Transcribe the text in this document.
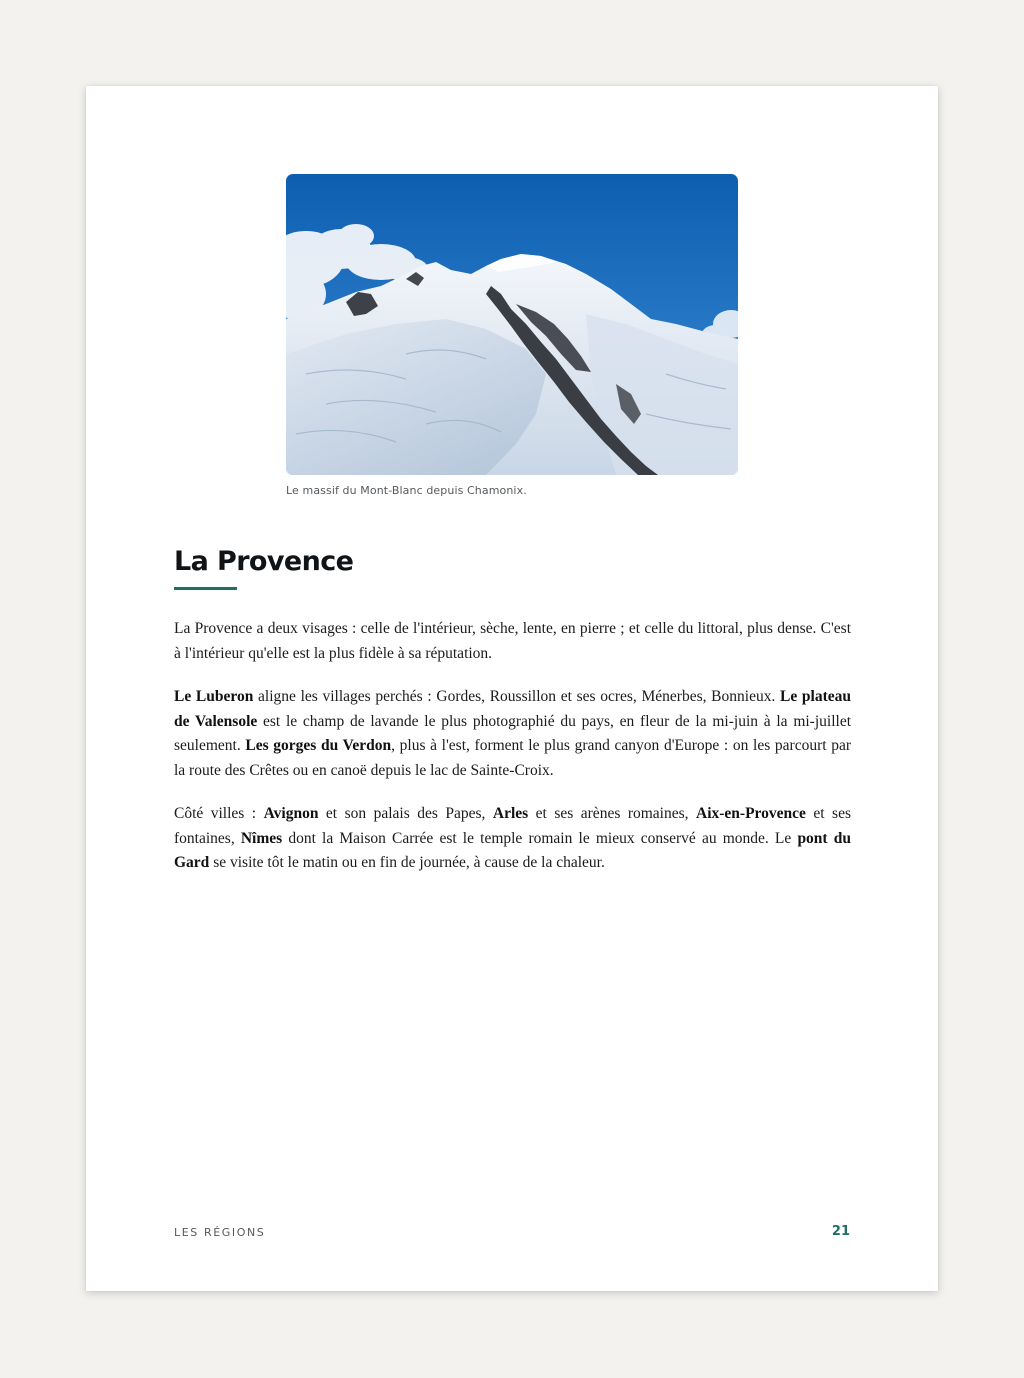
Le massif du Mont-Blanc depuis Chamonix.
La Provence

La Provence a deux visages : celle de l'intérieur, sèche, lente, en pierre ; et celle du littoral, plus dense. C'est à l'intérieur qu'elle est la plus fidèle à sa réputation.

Le Luberon aligne les villages perchés : Gordes, Roussillon et ses ocres, Ménerbes, Bonnieux. Le plateau de Valensole est le champ de lavande le plus photographié du pays, en fleur de la mi-juin à la mi-juillet seulement. Les gorges du Verdon, plus à l'est, forment le plus grand canyon d'Europe : on les parcourt par la route des Crêtes ou en canoë depuis le lac de Sainte-Croix.

Côté villes : Avignon et son palais des Papes, Arles et ses arènes romaines, Aix-en-Provence et ses fontaines, Nîmes dont la Maison Carrée est le temple romain le mieux conservé au monde. Le pont du Gard se visite tôt le matin ou en fin de journée, à cause de la chaleur.

LES RÉGIONS	21
